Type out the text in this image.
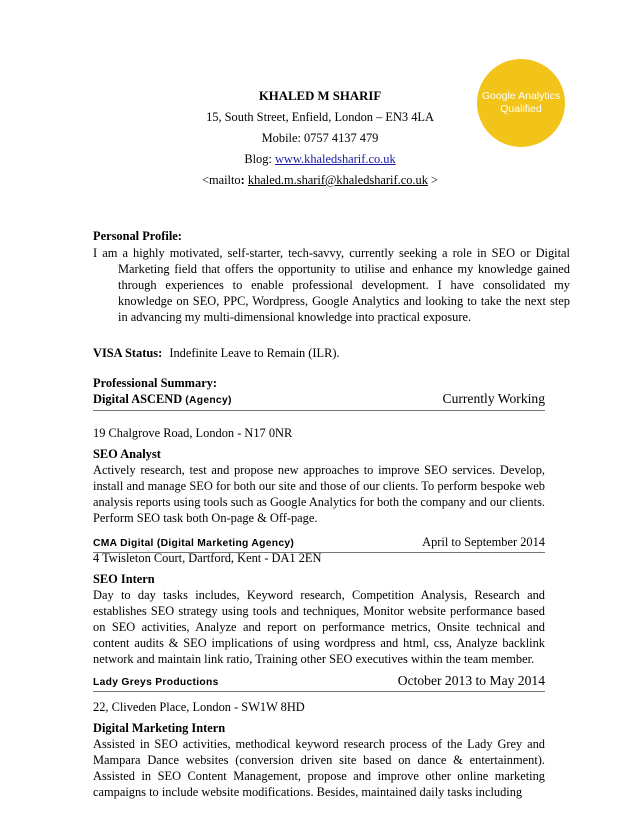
KHALED M SHARIF
15, South Street, Enfield, London – EN3 4LA
Mobile: 0757 4137 479
Blog: www.khaledsharif.co.uk
<mailto: khaled.m.sharif@khaledsharif.co.uk >
Google Analytics
Qualified
Personal Profile:
I am a highly motivated, self-starter, tech-savvy, currently seeking a role in SEO or Digital Marketing field that offers the opportunity to utilise and enhance my knowledge gained through experiences to enable professional development. I have consolidated my knowledge on SEO, PPC, Wordpress, Google Analytics and looking to take the next step in advancing my multi-dimensional knowledge into practical exposure.
VISA Status: Indefinite Leave to Remain (ILR).
Professional Summary:
Digital ASCEND (Agency)	Currently Working
19 Chalgrove Road, London - N17 0NR
SEO Analyst
Actively research, test and propose new approaches to improve SEO services. Develop, install and manage SEO for both our site and those of our clients. To perform bespoke web analysis reports using tools such as Google Analytics for both the company and our clients. Perform SEO task both On-page & Off-page.
CMA Digital (Digital Marketing Agency)	April to September 2014
4 Twisleton Court, Dartford, Kent - DA1 2EN
SEO Intern
Day to day tasks includes, Keyword research, Competition Analysis, Research and establishes SEO strategy using tools and techniques, Monitor website performance based on SEO activities, Analyze and report on performance metrics, Onsite technical and content audits & SEO implications of using wordpress and html, css, Analyze backlink network and maintain link ratio, Training other SEO executives within the team member.
Lady Greys Productions	October 2013 to May 2014
22, Cliveden Place, London - SW1W 8HD
Digital Marketing Intern
Assisted in SEO activities, methodical keyword research process of the Lady Grey and Mampara Dance websites (conversion driven site based on dance & entertainment). Assisted in SEO Content Management, propose and improve other online marketing campaigns to include website modifications. Besides, maintained daily tasks including
